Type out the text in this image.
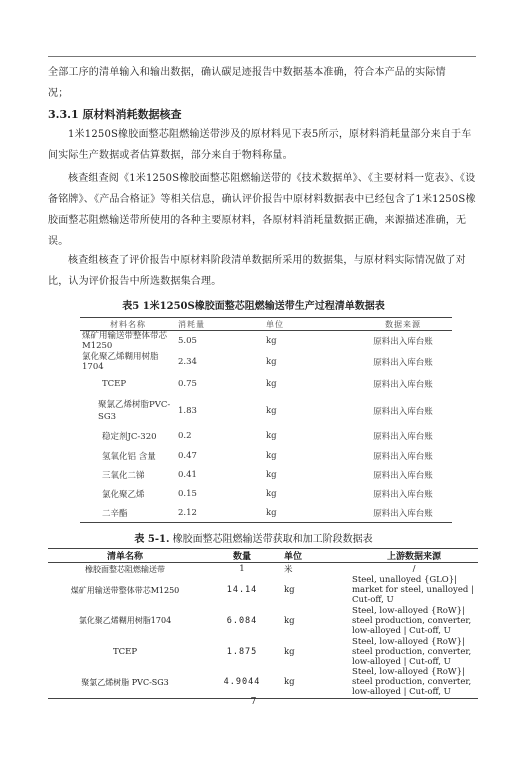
全部工序的清单输入和输出数据，确认碳足迹报告中数据基本准确，符合本产品的实际情
况；
3.3.1 原材料消耗数据核查
1米1250S橡胶面整芯阻燃输送带涉及的原材料见下表5所示，原材料消耗量部分来自于车间实际生产数据或者估算数据，部分来自于物料称量。
核查组查阅《1米1250S橡胶面整芯阻燃输送带的《技术数据单》、《主要材料一览表》、《设备铭牌》、《产品合格证》等相关信息，确认评价报告中原材料数据表中已经包含了1米1250S橡胶面整芯阻燃输送带所使用的各种主要原材料，各原材料消耗量数据正确，来源描述准确，无误。
核查组核查了评价报告中原材料阶段清单数据所采用的数据集，与原材料实际情况做了对比，认为评价报告中所选数据集合理。
表5 1米1250S橡胶面整芯阻燃输送带生产过程清单数据表
材料名称	消耗量	单位	数据来源
煤矿用输送带整体带芯M1250	5.05	kg	原料出入库台账
氯化聚乙烯糊用树脂1704	2.34	kg	原料出入库台账
TCEP	0.75	kg	原料出入库台账
聚氯乙烯树脂PVC-SG3	1.83	kg	原料出入库台账
稳定剂JC-320	0.2	kg	原料出入库台账
氢氧化铝 含量	0.47	kg	原料出入库台账
三氧化二锑	0.41	kg	原料出入库台账
氯化聚乙烯	0.15	kg	原料出入库台账
二辛酯	2.12	kg	原料出入库台账
表 5-1. 橡胶面整芯阻燃输送带获取和加工阶段数据表
清单名称	数量	单位	上游数据来源
橡胶面整芯阻燃输送带	1	米	/
煤矿用输送带整体带芯M1250	14.14	kg	Steel, unalloyed {GLO}| market for steel, unalloyed | Cut-off, U
氯化聚乙烯糊用树脂1704	6.084	kg	Steel, low-alloyed {RoW}| steel production, converter, low-alloyed | Cut-off, U
TCEP	1.875	kg	Steel, low-alloyed {RoW}| steel production, converter, low-alloyed | Cut-off, U
聚氯乙烯树脂 PVC-SG3	4.9044	kg	Steel, low-alloyed {RoW}| steel production, converter, low-alloyed | Cut-off, U
7
